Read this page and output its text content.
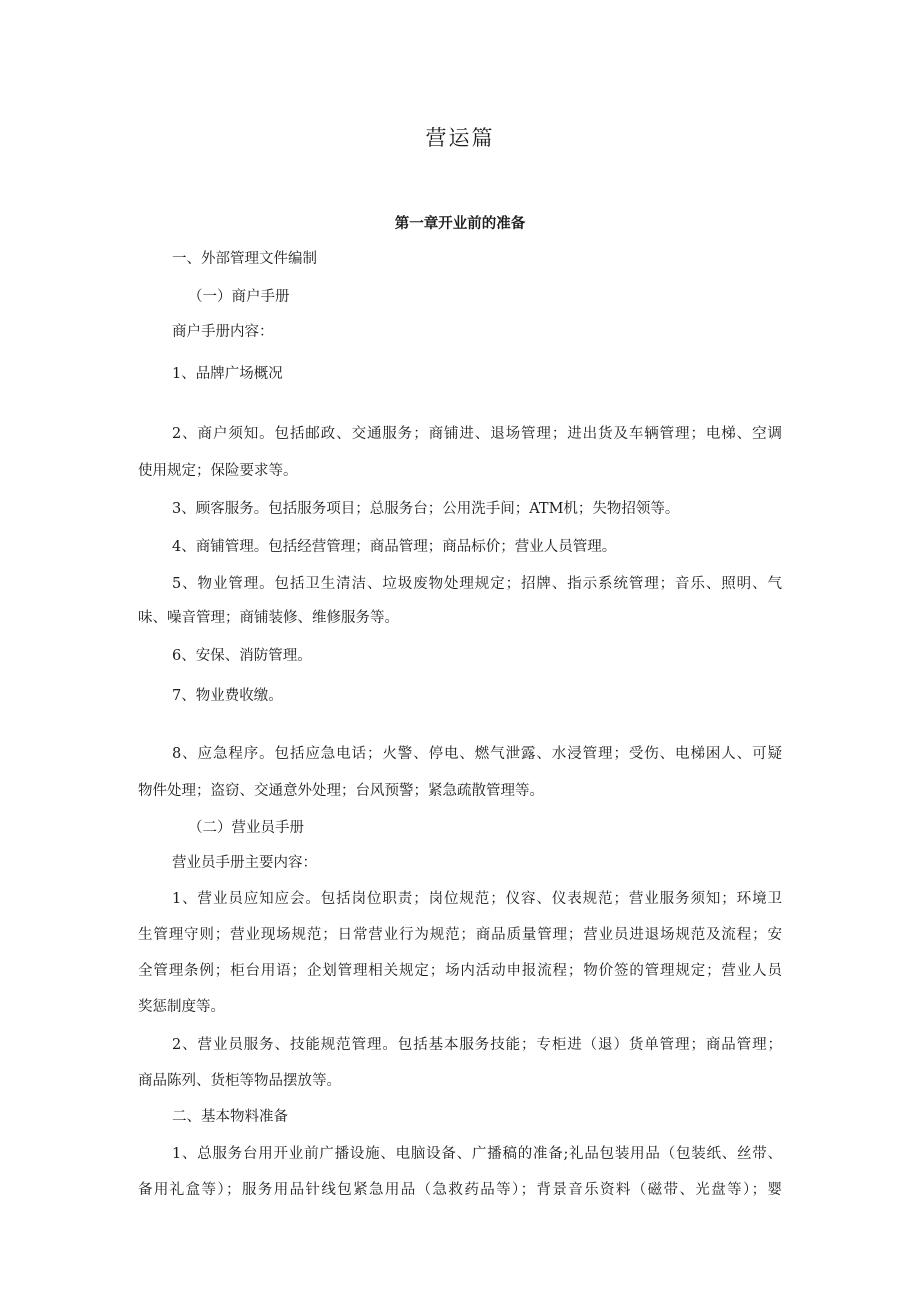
营运篇
第一章开业前的准备
一、外部管理文件编制
（一）商户手册
商户手册内容：
1、品牌广场概况
2、商户须知。包括邮政、交通服务；商铺进、退场管理；进出货及车辆管理；电梯、空调
使用规定；保险要求等。
3、顾客服务。包括服务项目；总服务台；公用洗手间；ATM机；失物招领等。
4、商铺管理。包括经营管理；商品管理；商品标价；营业人员管理。
5、物业管理。包括卫生清洁、垃圾废物处理规定；招牌、指示系统管理；音乐、照明、气
味、噪音管理；商铺装修、维修服务等。
6、安保、消防管理。
7、物业费收缴。
8、应急程序。包括应急电话；火警、停电、燃气泄露、水浸管理；受伤、电梯困人、可疑
物件处理；盗窃、交通意外处理；台风预警；紧急疏散管理等。
（二）营业员手册
营业员手册主要内容：
1、营业员应知应会。包括岗位职责；岗位规范；仪容、仪表规范；营业服务须知；环境卫
生管理守则；营业现场规范；日常营业行为规范；商品质量管理；营业员进退场规范及流程；安
全管理条例；柜台用语；企划管理相关规定；场内活动申报流程；物价签的管理规定；营业人员
奖惩制度等。
2、营业员服务、技能规范管理。包括基本服务技能；专柜进（退）货单管理；商品管理；
商品陈列、货柜等物品摆放等。
二、基本物料准备
1、总服务台用开业前广播设施、电脑设备、广播稿的准备;礼品包装用品（包装纸、丝带、
备用礼盒等）；服务用品针线包紧急用品（急救药品等）；背景音乐资料（磁带、光盘等）；婴
